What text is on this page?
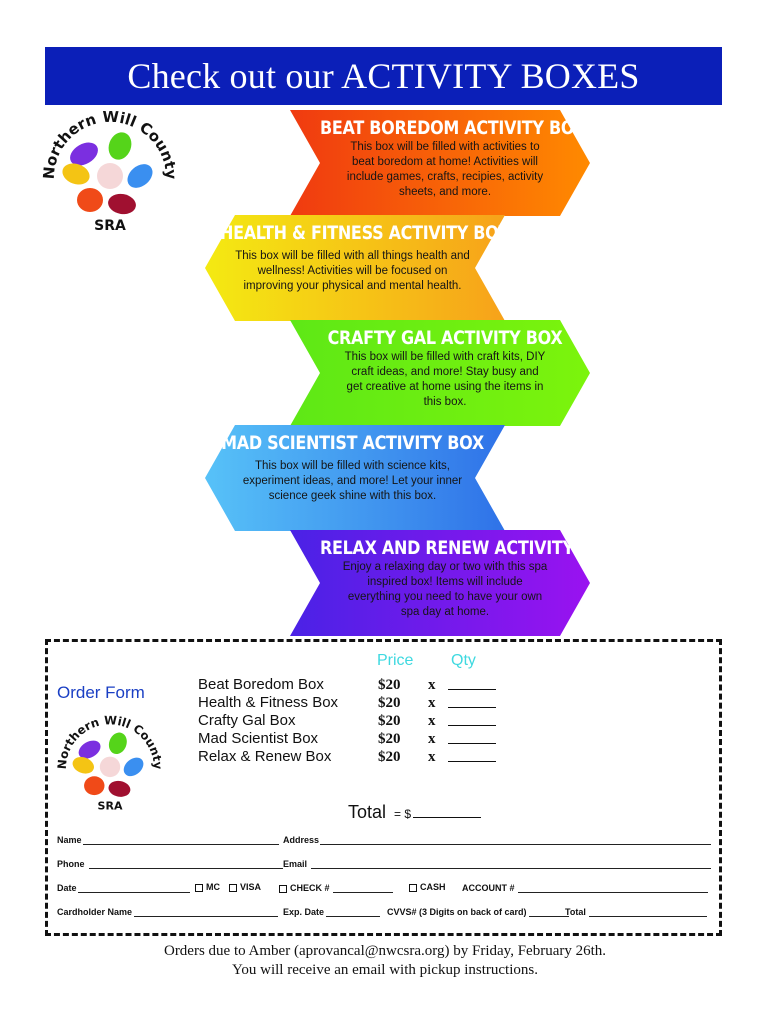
Check out our ACTIVITY BOXES
Northern Will County
SRA
BEAT BOREDOM ACTIVITY BOX
This box will be filled with activities to
beat boredom at home! Activities will
include games, crafts, recipies, activity
sheets, and more.
HEALTH & FITNESS ACTIVITY BOX
This box will be filled with all things health and
wellness! Activities will be focused on
improving your physical and mental health.
CRAFTY GAL ACTIVITY BOX
This box will be filled with craft kits, DIY
craft ideas, and more! Stay busy and
get creative at home using the items in
this box.
MAD SCIENTIST ACTIVITY BOX
This box will be filled with science kits,
experiment ideas, and more! Let your inner
science geek shine with this box.
RELAX AND RENEW ACTIVITY BOX
Enjoy a relaxing day or two with this spa
inspired box! Items will include
everything you need to have your own
spa day at home.
Order Form
Northern Will County
SRA
Price Qty
Beat Boredom Box	$20 x
Health & Fitness Box	$20 x
Crafty Gal Box	$20 x
Mad Scientist Box	$20 x
Relax & Renew Box	$20 x
Total = $
Name	Address
Phone	Email
Date	MC VISA	CHECK #	CASH ACCOUNT #
Cardholder Name	Exp. Date	CVVS# (3 Digits on back of card)	Total
Orders due to Amber (aprovancal@nwcsra.org) by Friday, February 26th.
You will receive an email with pickup instructions.
